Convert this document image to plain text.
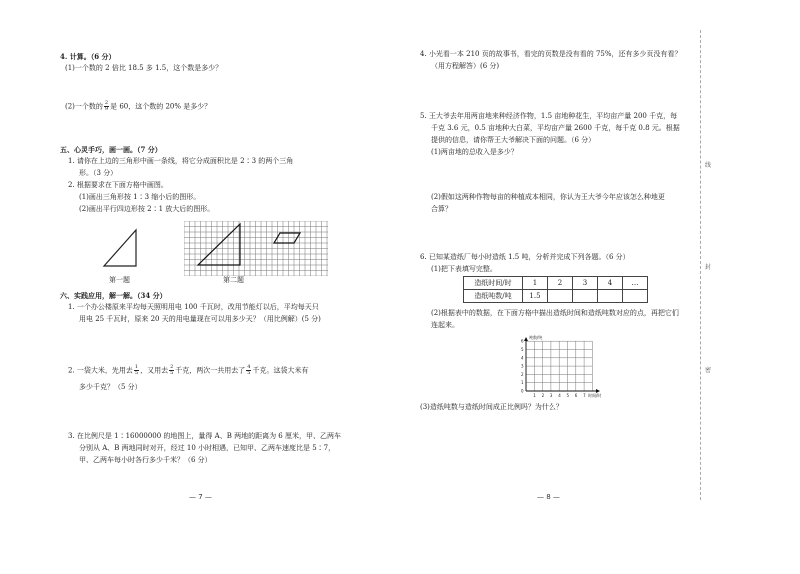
4. 计算。（6 分）
(1)一个数的 2 倍比 18.5 多 1.5，这个数是多少？
(2)一个数的 $\frac{2}{9}$ 是 60，这个数的 20% 是多少？
五、心灵手巧，画一画。（7 分）
1. 请你在上边的三角形中画一条线，将它分成面积比是 2∶3 的两个三角
形。（3 分）
2. 根据要求在下面方格中画图。
(1)画出三角形按 1∶3 缩小后的图形。
(2)画出平行四边形按 2∶1 放大后的图形。
第一题	第二题
六、实践应用，解一解。（34 分）
1. 一个办公楼原来平均每天照明用电 100 千瓦时，改用节能灯以后，平均每天只
用电 25 千瓦时，原来 20 天的用电量现在可以用多少天？（用比例解）(5 分)
2. 一袋大米，先用去 $\frac{1}{5}$ ，又用去 $\frac{2}{5}$ 千克，两次一共用去了 $\frac{4}{5}$ 千克。这袋大米有
多少千克？（5 分）
3. 在比例尺是 1∶16000000 的地图上，量得 A、B 两地的距离为 6 厘米，甲、乙两车
分别从 A、B 两地同时对开，经过 10 小时相遇，已知甲、乙两车速度比是 5∶7，
甲、乙两车每小时各行多少千米？（6 分）
— 7 —
4. 小光看一本 210 页的故事书，看完的页数是没有看的 75%，还有多少页没有看？
（用方程解答）(6 分)
5. 王大爷去年用两亩地来种经济作物，1.5 亩地种花生，平均亩产量 200 千克，每
千克 3.6 元，0.5 亩地种大白菜，平均亩产量 2600 千克，每千克 0.8 元。根据
提供的信息，请你帮王大爷解决下面的问题。（6 分）
(1)两亩地的总收入是多少？
(2)假如这两种作物每亩的种植成本相同，你认为王大爷今年应该怎么种地更
合算？
6. 已知某造纸厂每小时造纸 1.5 吨，分析并完成下列各题。（6 分）
(1)把下表填写完整。
造纸时间/时	1	2	3	4	…
造纸吨数/吨	1.5				
(2)根据表中的数据，在下面方格中描出造纸时间和造纸吨数对应的点，再把它们
连起来。
6
5
4
3
2
1
0
1 2 3 4 5 6 7
吨数/吨
时间/时
(3)造纸吨数与造纸时间成正比例吗？为什么？
— 8 —
线
封
密
